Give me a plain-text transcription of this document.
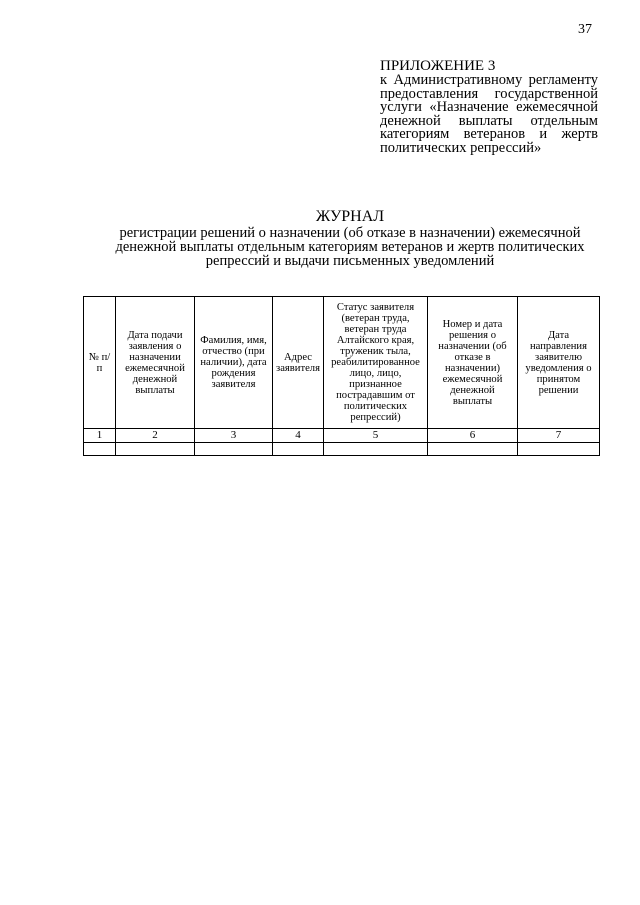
37
ПРИЛОЖЕНИЕ 3
к Административному регламенту предоставления государственной услуги «Назначение ежемесячной денежной выплаты отдельным категориям ветеранов и жертв политических репрессий»
ЖУРНАЛ
регистрации решений о назначении (об отказе в назначении) ежемесячной денежной выплаты отдельным категориям ветеранов и жертв политических репрессий и выдачи письменных уведомлений
№ п/п	Дата подачи заявления о назначении ежемесячной денежной выплаты	Фамилия, имя, отчество (при наличии), дата рождения заявителя	Адрес заявителя	Статус заявителя (ветеран труда, ветеран труда Алтайского края, труженик тыла, реабилитированное лицо, лицо, признанное пострадавшим от политических репрессий)	Номер и дата решения о назначении (об отказе в назначении) ежемесячной денежной выплаты	Дата направления заявителю уведомления о принятом решении
1	2	3	4	5	6	7
